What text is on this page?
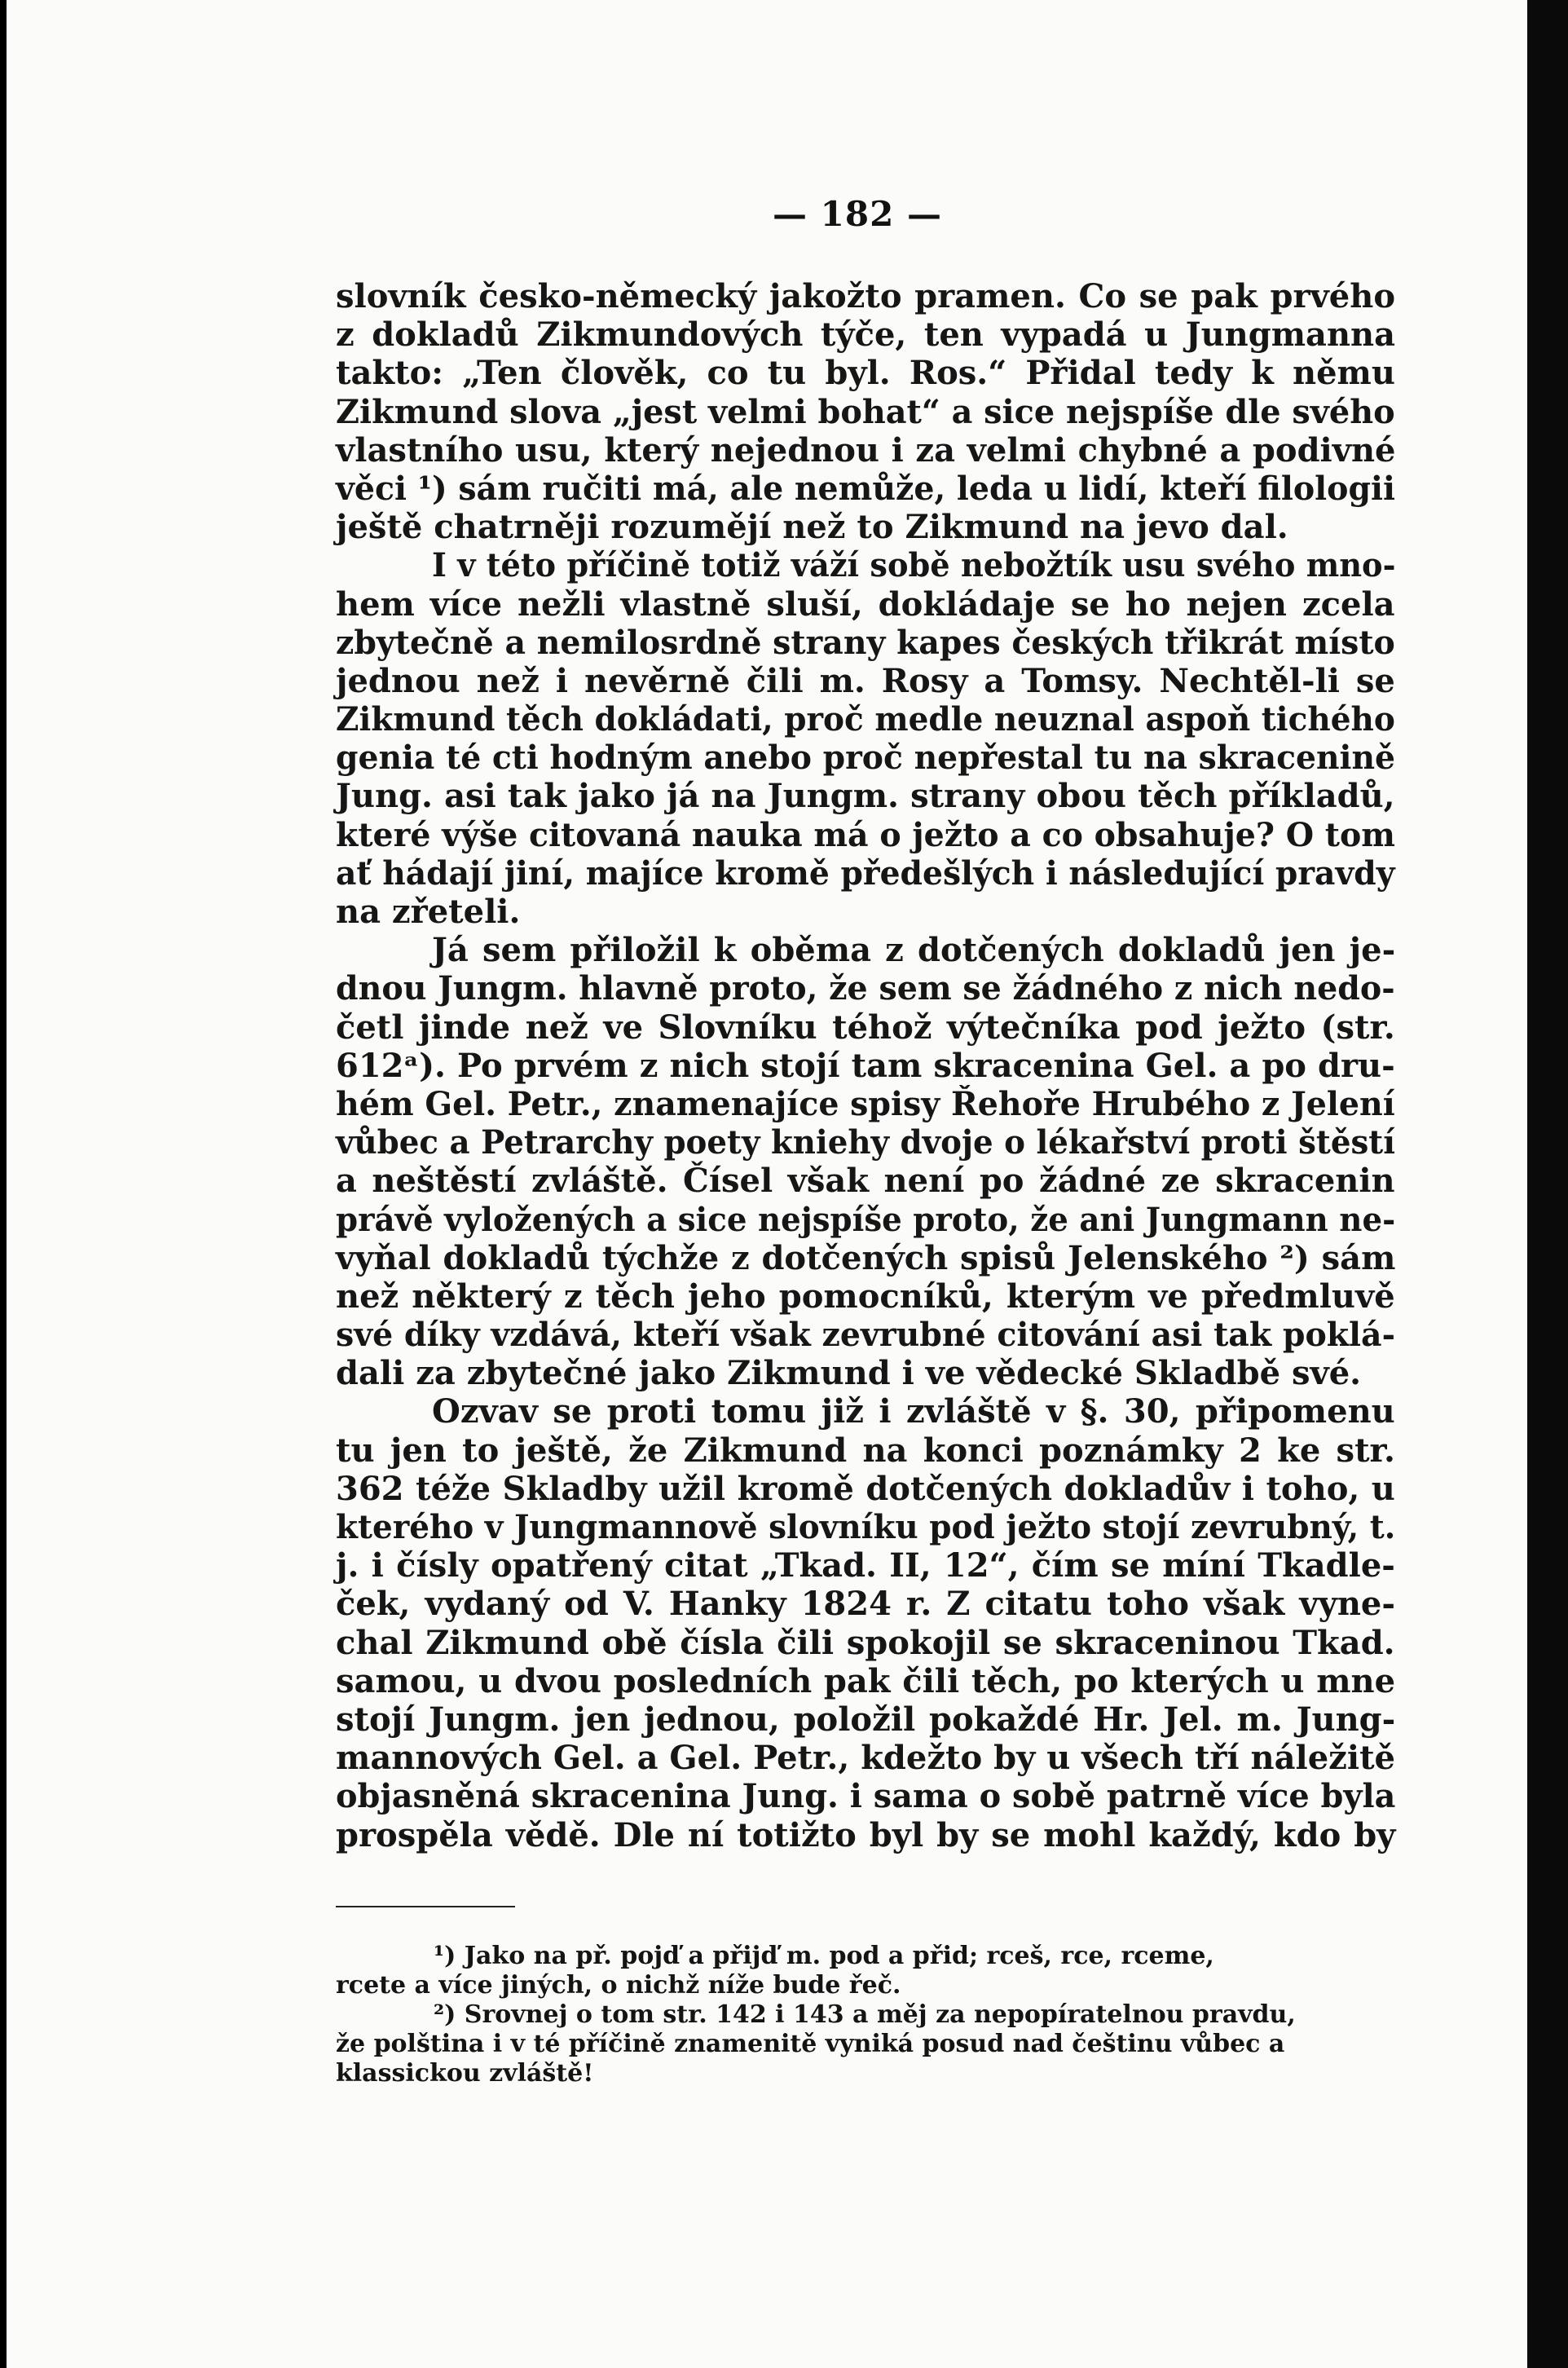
— 182 —
slovník česko-německý jakožto pramen. Co se pak prvého
z dokladů Zikmundových týče, ten vypadá u Jungmanna
takto: „Ten člověk, co tu byl. Ros.“ Přidal tedy k němu
Zikmund slova „jest velmi bohat“ a sice nejspíše dle svého
vlastního usu, který nejednou i za velmi chybné a podivné
věci ¹) sám ručiti má, ale nemůže, leda u lidí, kteří filologii
ještě chatrněji rozumějí než to Zikmund na jevo dal.
I v této příčině totiž váží sobě nebožtík usu svého mno-
hem více nežli vlastně sluší, dokládaje se ho nejen zcela
zbytečně a nemilosrdně strany kapes českých třikrát místo
jednou než i nevěrně čili m. Rosy a Tomsy. Nechtěl-li se
Zikmund těch dokládati, proč medle neuznal aspoň tichého
genia té cti hodným anebo proč nepřestal tu na skracenině
Jung. asi tak jako já na Jungm. strany obou těch příkladů,
které výše citovaná nauka má o ježto a co obsahuje? O tom
ať hádají jiní, majíce kromě předešlých i následující pravdy
na zřeteli.
Já sem přiložil k oběma z dotčených dokladů jen je-
dnou Jungm. hlavně proto, že sem se žádného z nich nedo-
četl jinde než ve Slovníku téhož výtečníka pod ježto (str.
612ᵃ). Po prvém z nich stojí tam skracenina Gel. a po dru-
hém Gel. Petr., znamenajíce spisy Řehoře Hrubého z Jelení
vůbec a Petrarchy poety kniehy dvoje o lékařství proti štěstí
a neštěstí zvláště. Čísel však není po žádné ze skracenin
právě vyložených a sice nejspíše proto, že ani Jungmann ne-
vyňal dokladů týchže z dotčených spisů Jelenského ²) sám
než některý z těch jeho pomocníků, kterým ve předmluvě
své díky vzdává, kteří však zevrubné citování asi tak poklá-
dali za zbytečné jako Zikmund i ve vědecké Skladbě své.
Ozvav se proti tomu již i zvláště v §. 30, připomenu
tu jen to ještě, že Zikmund na konci poznámky 2 ke str.
362 téže Skladby užil kromě dotčených dokladův i toho, u
kterého v Jungmannově slovníku pod ježto stojí zevrubný, t.
j. i čísly opatřený citat „Tkad. II, 12“, čím se míní Tkadle-
ček, vydaný od V. Hanky 1824 r. Z citatu toho však vyne-
chal Zikmund obě čísla čili spokojil se skraceninou Tkad.
samou, u dvou posledních pak čili těch, po kterých u mne
stojí Jungm. jen jednou, položil pokaždé Hr. Jel. m. Jung-
mannových Gel. a Gel. Petr., kdežto by u všech tří náležitě
objasněná skracenina Jung. i sama o sobě patrně více byla
prospěla vědě. Dle ní totižto byl by se mohl každý, kdo by
¹) Jako na př. pojď a přijď m. pod a přid; rceš, rce, rceme,
rcete a více jiných, o nichž níže bude řeč.
²) Srovnej o tom str. 142 i 143 a měj za nepopíratelnou pravdu,
že polština i v té příčině znamenitě vyniká posud nad češtinu vůbec a
klassickou zvláště!
